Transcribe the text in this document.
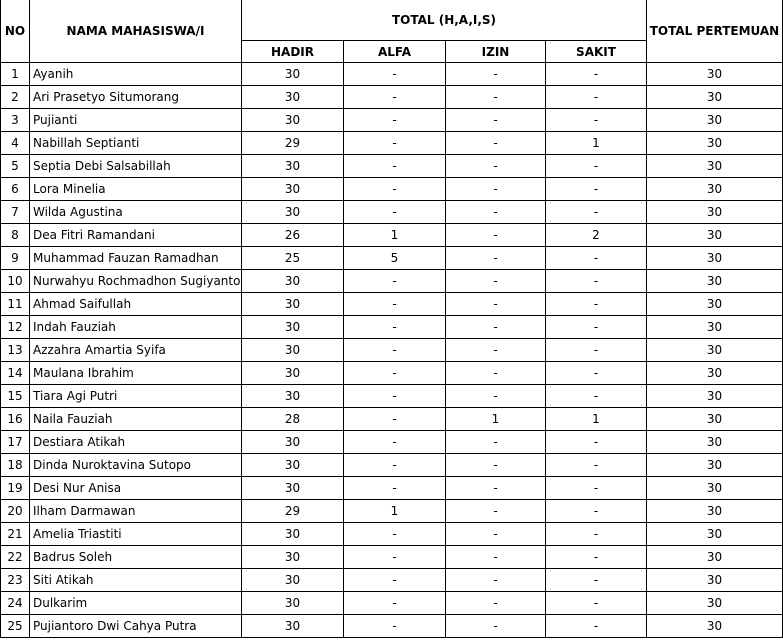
NO	NAMA MAHASISWA/I	TOTAL (H,A,I,S)				TOTAL PERTEMUAN
		HADIR	ALFA	IZIN	SAKIT	
1	Ayanih	30	-	-	-	30
2	Ari Prasetyo Situmorang	30	-	-	-	30
3	Pujianti	30	-	-	-	30
4	Nabillah Septianti	29	-	-	1	30
5	Septia Debi Salsabillah	30	-	-	-	30
6	Lora Minelia	30	-	-	-	30
7	Wilda Agustina	30	-	-	-	30
8	Dea Fitri Ramandani	26	1	-	2	30
9	Muhammad Fauzan Ramadhan	25	5	-	-	30
10	Nurwahyu Rochmadhon Sugiyanto	30	-	-	-	30
11	Ahmad Saifullah	30	-	-	-	30
12	Indah Fauziah	30	-	-	-	30
13	Azzahra Amartia Syifa	30	-	-	-	30
14	Maulana Ibrahim	30	-	-	-	30
15	Tiara Agi Putri	30	-	-	-	30
16	Naila Fauziah	28	-	1	1	30
17	Destiara Atikah	30	-	-	-	30
18	Dinda Nuroktavina Sutopo	30	-	-	-	30
19	Desi Nur Anisa	30	-	-	-	30
20	Ilham Darmawan	29	1	-	-	30
21	Amelia Triastiti	30	-	-	-	30
22	Badrus Soleh	30	-	-	-	30
23	Siti Atikah	30	-	-	-	30
24	Dulkarim	30	-	-	-	30
25	Pujiantoro Dwi Cahya Putra	30	-	-	-	30
